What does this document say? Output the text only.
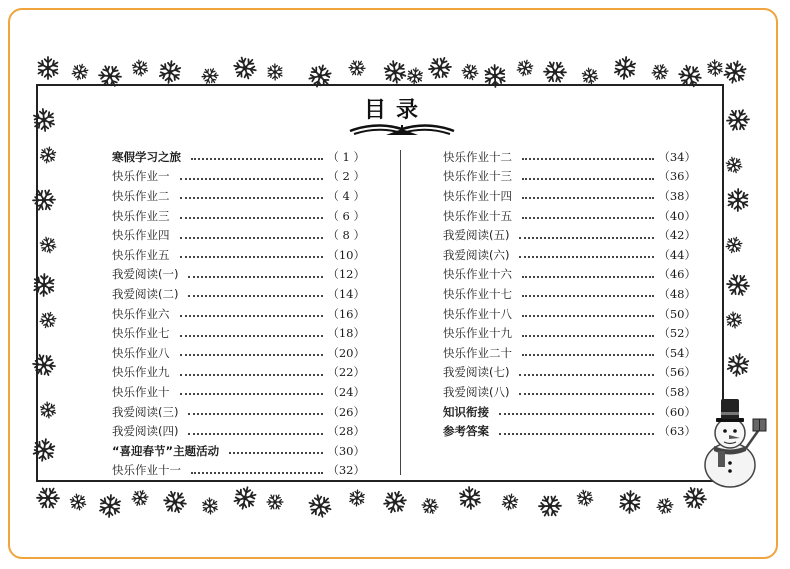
目录
寒假学习之旅	（ 1 ）
快乐作业一	（ 2 ）
快乐作业二	（ 4 ）
快乐作业三	（ 6 ）
快乐作业四	（ 8 ）
快乐作业五	（10）
我爱阅读(一)	（12）
我爱阅读(二)	（14）
快乐作业六	（16）
快乐作业七	（18）
快乐作业八	（20）
快乐作业九	（22）
快乐作业十	（24）
我爱阅读(三)	（26）
我爱阅读(四)	（28）
“喜迎春节”主题活动	（30）
快乐作业十一	（32）
快乐作业十二	（34）
快乐作业十三	（36）
快乐作业十四	（38）
快乐作业十五	（40）
我爱阅读(五)	（42）
我爱阅读(六)	（44）
快乐作业十六	（46）
快乐作业十七	（48）
快乐作业十八	（50）
快乐作业十九	（52）
快乐作业二十	（54）
我爱阅读(七)	（56）
我爱阅读(八)	（58）
知识衔接	（60）
参考答案	（63）
